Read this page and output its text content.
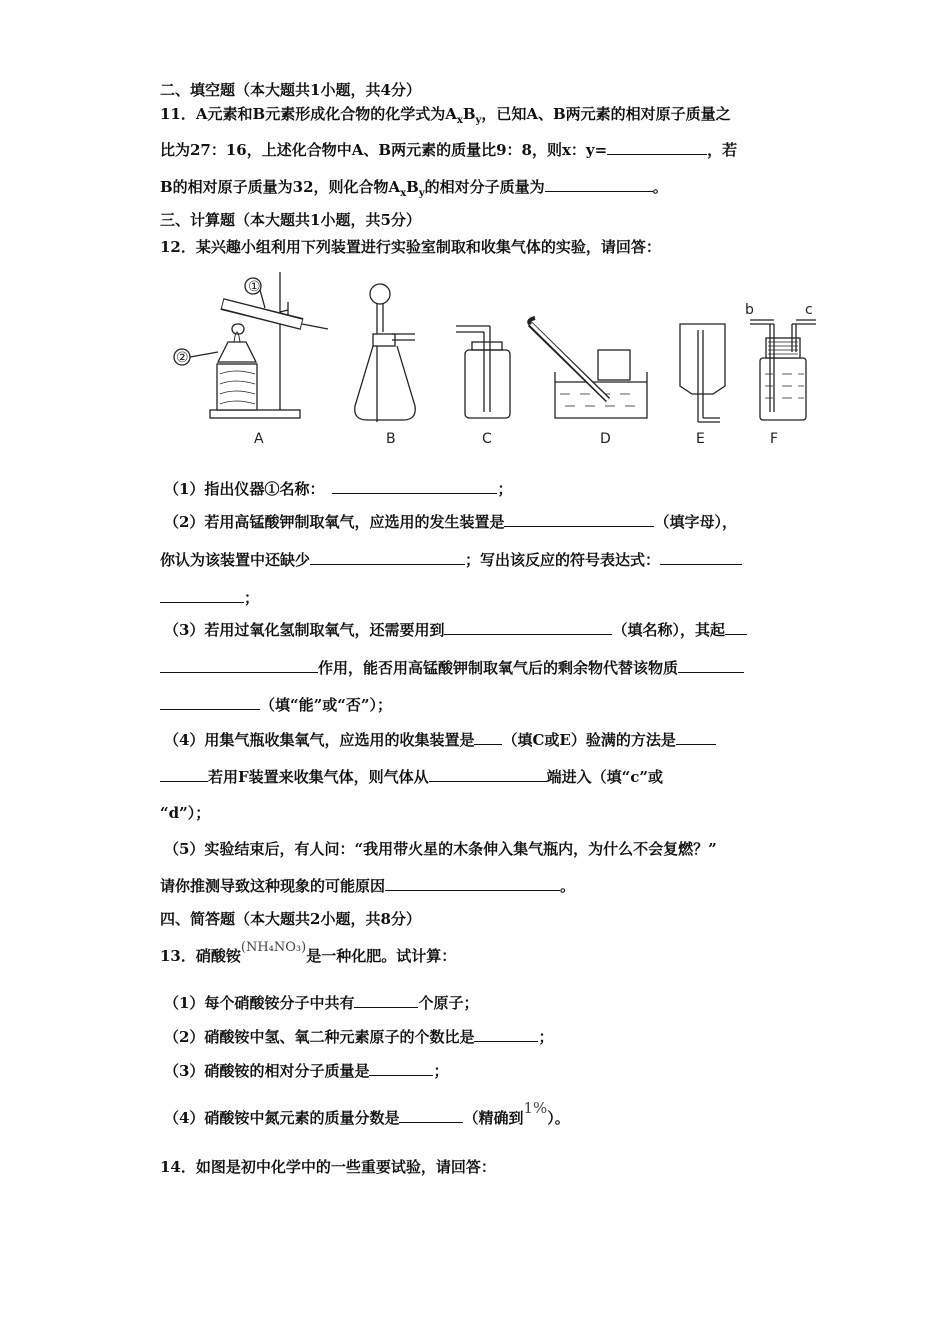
二、填空题（本大题共1小题，共4分）
11．A元素和B元素形成化合物的化学式为$A_xB_y$，已知A、B两元素的相对原子质量之
比为27：16，上述化合物中A、B两元素的质量比9：8，则x：y=	，若
B的相对原子质量为32，则化合物$A_xB_y$的相对分子质量为	。
三、计算题（本大题共1小题，共5分）
12．某兴趣小组利用下列装置进行实验室制取和收集气体的实验，请回答：
①
②
b	c
A	B	C	D	E	F
（1）指出仪器①名称：	；
（2）若用高锰酸钾制取氧气，应选用的发生装置是	（填字母），
你认为该装置中还缺少	；写出该反应的符号表达式：
；
（3）若用过氧化氢制取氧气，还需要用到	（填名称），其起
作用，能否用高锰酸钾制取氧气后的剩余物代替该物质
（填“能”或“否”）；
（4）用集气瓶收集氧气，应选用的收集装置是 （填C或E）验满的方法是
若用F装置来收集气体，则气体从	端进入（填“c”或
“d”）；
（5）实验结束后，有人问：“我用带火星的木条伸入集气瓶内，为什么不会复燃？”
请你推测导致这种现象的可能原因	。
四、简答题（本大题共2小题，共8分）
13．硝酸铵(NH₄NO₃)是一种化肥。试计算：
（1）每个硝酸铵分子中共有	个原子；
（2）硝酸铵中氢、氧二种元素原子的个数比是	；
（3）硝酸铵的相对分子质量是	；
（4）硝酸铵中氮元素的质量分数是	（精确到1%）。
14．如图是初中化学中的一些重要试验，请回答：
